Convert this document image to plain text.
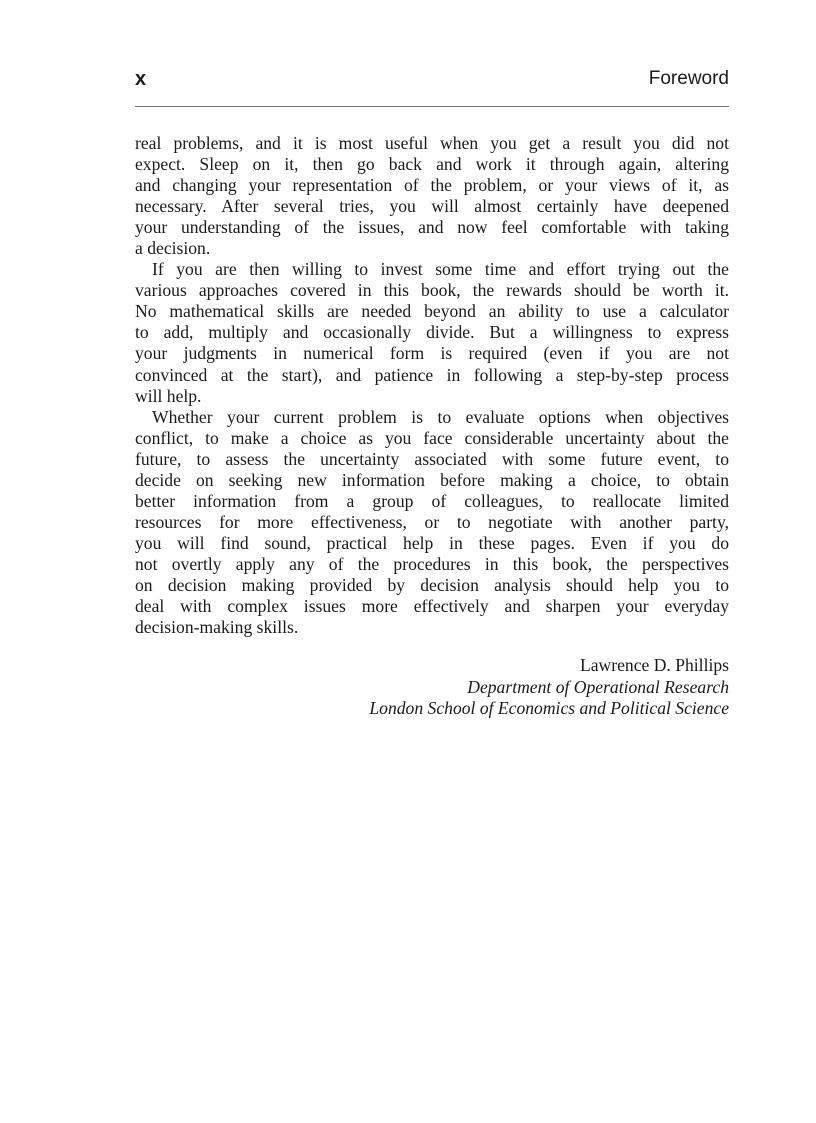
x	Foreword
real problems, and it is most useful when you get a result you did not
expect. Sleep on it, then go back and work it through again, altering
and changing your representation of the problem, or your views of it, as
necessary. After several tries, you will almost certainly have deepened
your understanding of the issues, and now feel comfortable with taking
a decision.
If you are then willing to invest some time and effort trying out the
various approaches covered in this book, the rewards should be worth it.
No mathematical skills are needed beyond an ability to use a calculator
to add, multiply and occasionally divide. But a willingness to express
your judgments in numerical form is required (even if you are not
convinced at the start), and patience in following a step-by-step process
will help.
Whether your current problem is to evaluate options when objectives
conflict, to make a choice as you face considerable uncertainty about the
future, to assess the uncertainty associated with some future event, to
decide on seeking new information before making a choice, to obtain
better information from a group of colleagues, to reallocate limited
resources for more effectiveness, or to negotiate with another party,
you will find sound, practical help in these pages. Even if you do
not overtly apply any of the procedures in this book, the perspectives
on decision making provided by decision analysis should help you to
deal with complex issues more effectively and sharpen your everyday
decision-making skills.
Lawrence D. Phillips
Department of Operational Research
London School of Economics and Political Science
